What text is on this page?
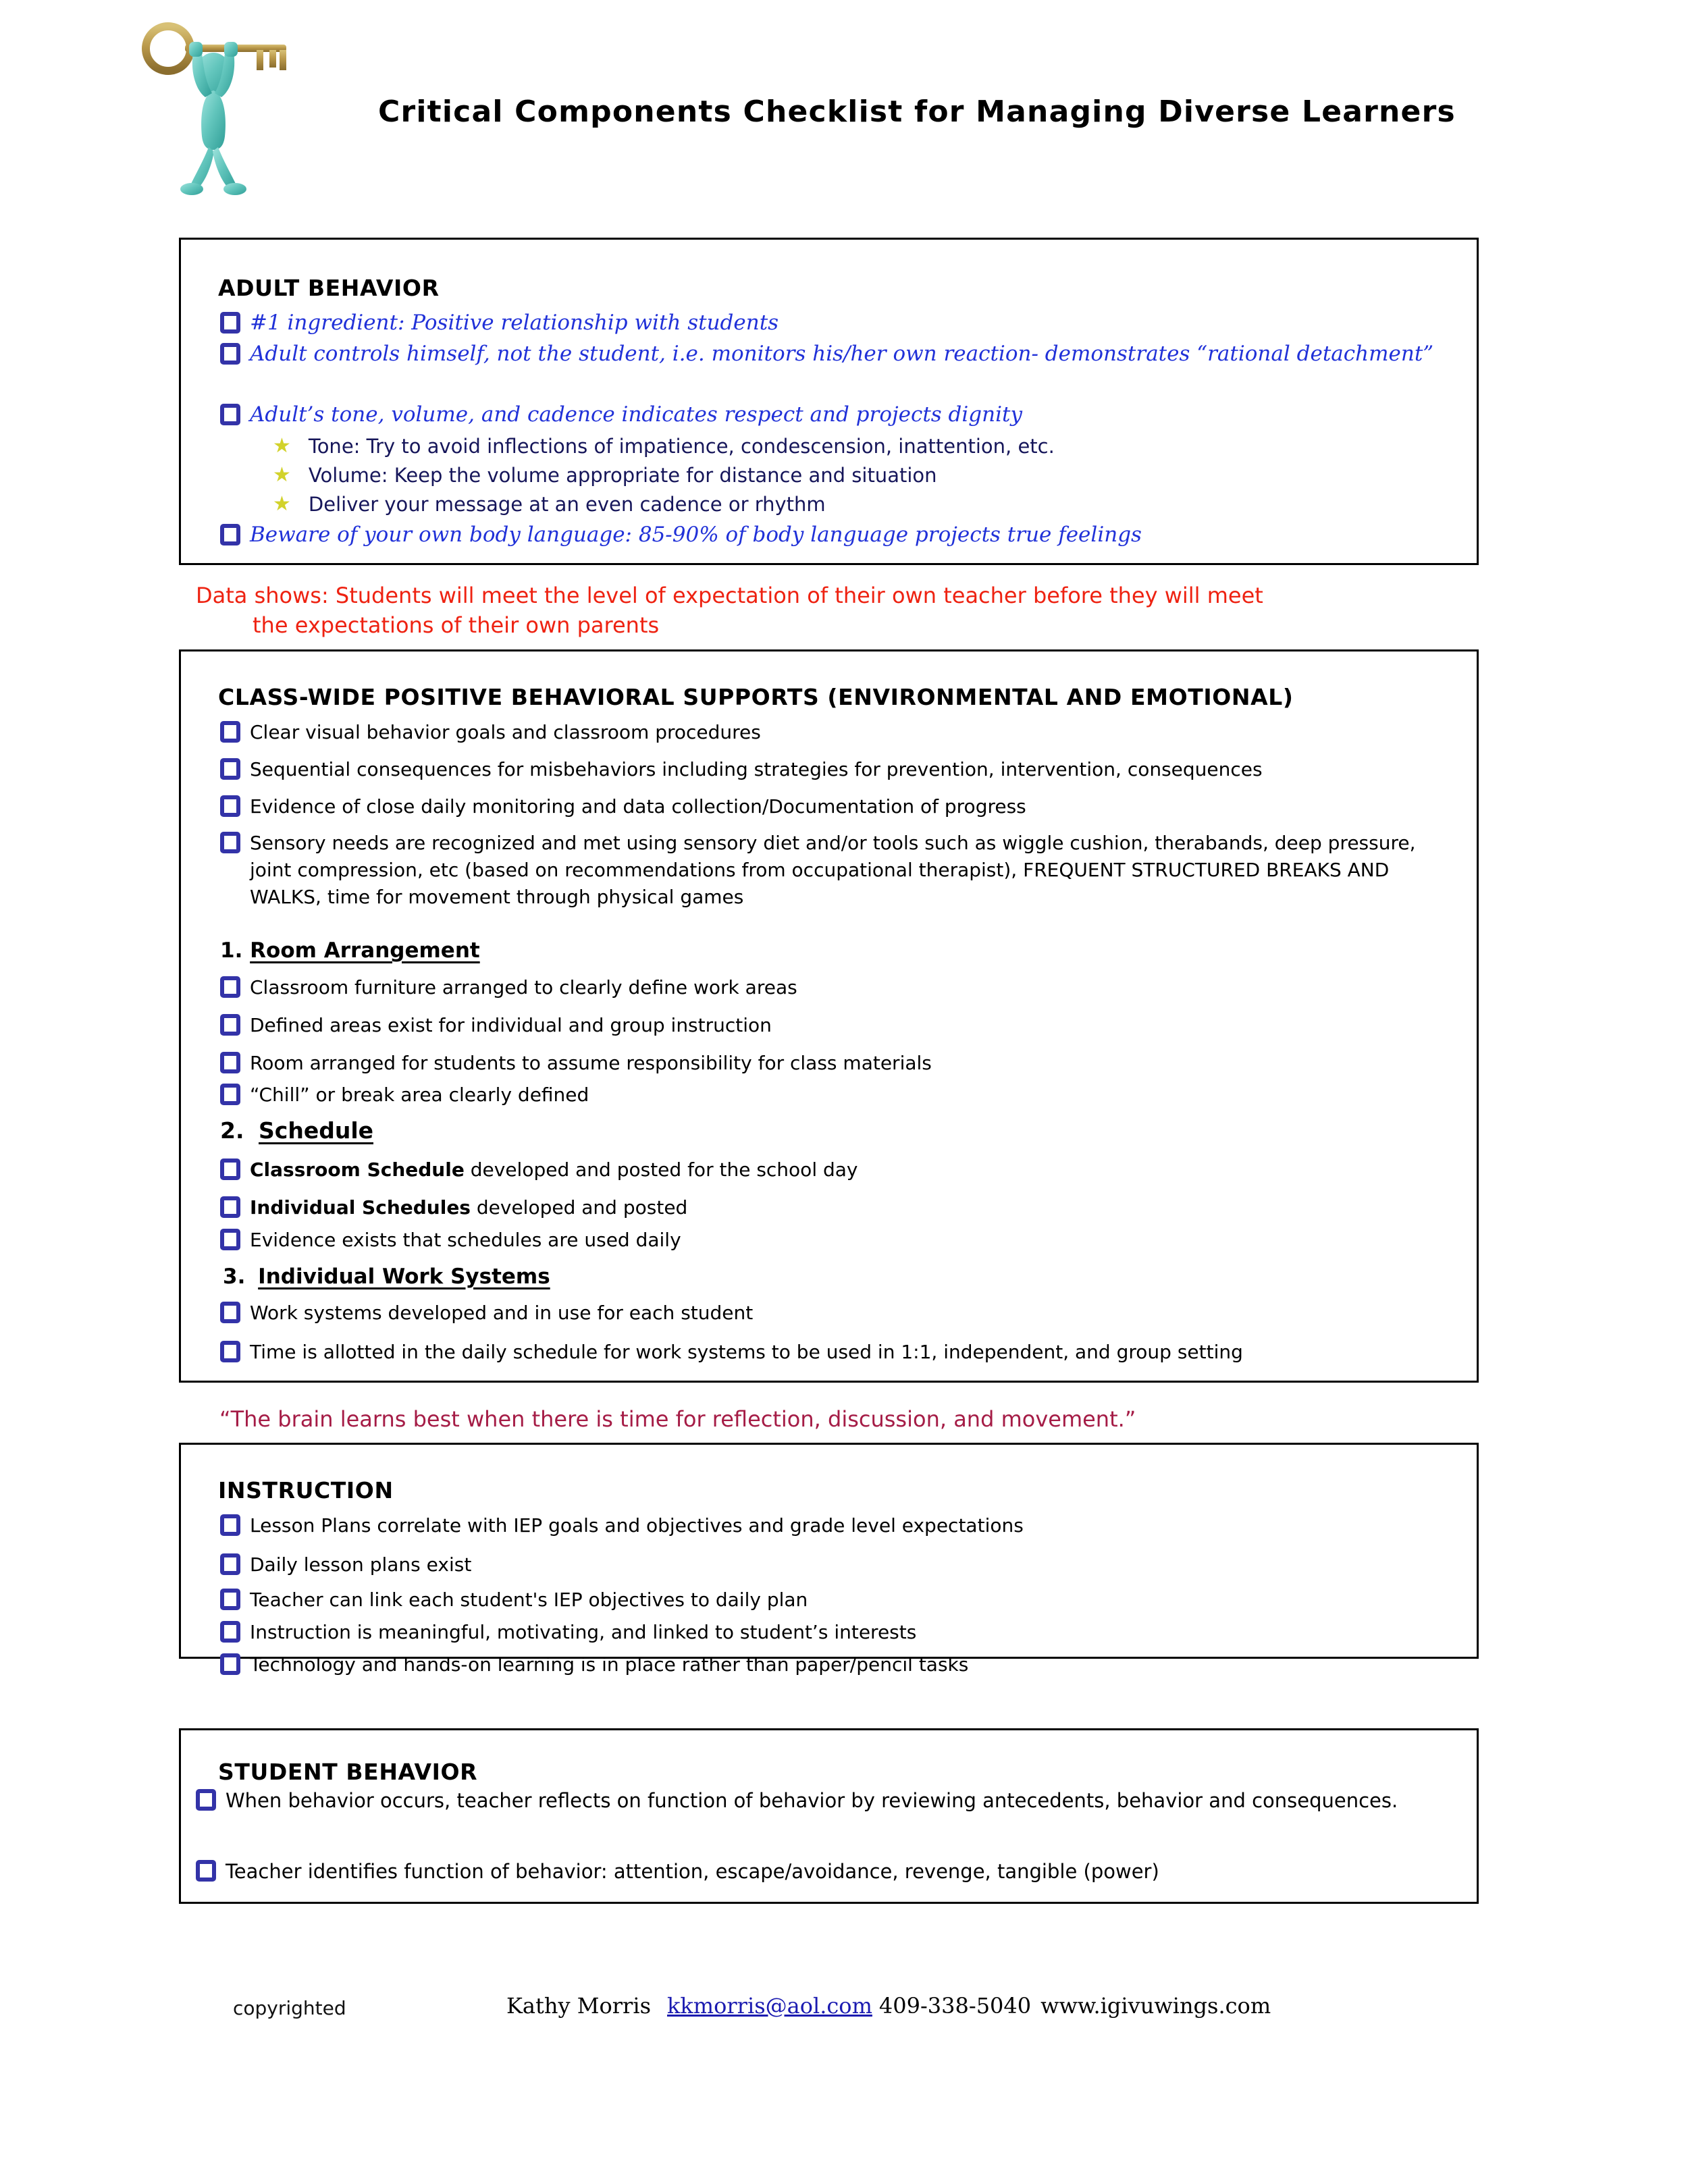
Critical Components Checklist for Managing Diverse Learners
ADULT BEHAVIOR
#1 ingredient: Positive relationship with students
Adult controls himself, not the student, i.e. monitors his/her own reaction- demonstrates “rational detachment”
Adult’s tone, volume, and cadence indicates respect and projects dignity
★ Tone: Try to avoid inflections of impatience, condescension, inattention, etc.
★ Volume: Keep the volume appropriate for distance and situation
★ Deliver your message at an even cadence or rhythm
Beware of your own body language: 85-90% of body language projects true feelings
Data shows: Students will meet the level of expectation of their own teacher before they will meet
the expectations of their own parents
CLASS-WIDE POSITIVE BEHAVIORAL SUPPORTS (ENVIRONMENTAL AND EMOTIONAL)
Clear visual behavior goals and classroom procedures
Sequential consequences for misbehaviors including strategies for prevention, intervention, consequences
Evidence of close daily monitoring and data collection/Documentation of progress
Sensory needs are recognized and met using sensory diet and/or tools such as wiggle cushion, therabands, deep pressure, joint compression, etc (based on recommendations from occupational therapist), FREQUENT STRUCTURED BREAKS AND WALKS, time for movement through physical games
1. Room Arrangement
Classroom furniture arranged to clearly define work areas
Defined areas exist for individual and group instruction
Room arranged for students to assume responsibility for class materials
“Chill” or break area clearly defined
2. Schedule
Classroom Schedule developed and posted for the school day
Individual Schedules developed and posted
Evidence exists that schedules are used daily
3. Individual Work Systems
Work systems developed and in use for each student
Time is allotted in the daily schedule for work systems to be used in 1:1, independent, and group setting
“The brain learns best when there is time for reflection, discussion, and movement.”
INSTRUCTION
Lesson Plans correlate with IEP goals and objectives and grade level expectations
Daily lesson plans exist
Teacher can link each student's IEP objectives to daily plan
Instruction is meaningful, motivating, and linked to student’s interests
Technology and hands-on learning is in place rather than paper/pencil tasks
STUDENT BEHAVIOR
When behavior occurs, teacher reflects on function of behavior by reviewing antecedents, behavior and consequences.
Teacher identifies function of behavior: attention, escape/avoidance, revenge, tangible (power)
copyrighted	Kathy Morris kkmorris@aol.com 409-338-5040 www.igivuwings.com
